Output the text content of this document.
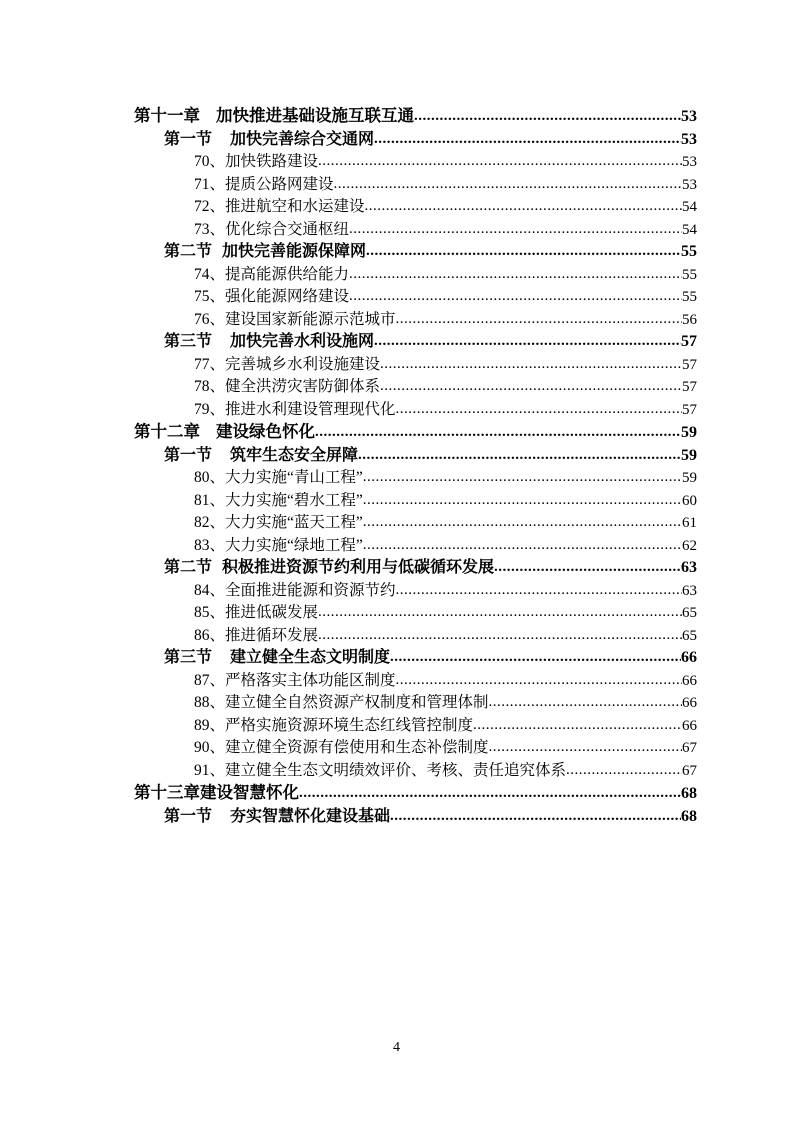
第十一章 加快推进基础设施互联互通 .....	53
第一节 加快完善综合交通网 .....	53
70、 加快铁路建设 .....	53
71、 提质公路网建设 .....	53
72、 推进航空和水运建设 .....	54
73、 优化综合交通枢纽 .....	54
第二节 加快完善能源保障网 .....	55
74、 提高能源供给能力 .....	55
75、 强化能源网络建设 .....	55
76、 建设国家新能源示范城市 .....	56
第三节 加快完善水利设施网 .....	57
77、 完善城乡水利设施建设 .....	57
78、 健全洪涝灾害防御体系 .....	57
79、 推进水利建设管理现代化 .....	57
第十二章 建设绿色怀化 .....	59
第一节 筑牢生态安全屏障 .....	59
80、 大力实施“青山工程” .....	59
81、 大力实施“碧水工程” .....	60
82、 大力实施“蓝天工程” .....	61
83、 大力实施“绿地工程” .....	62
第二节 积极推进资源节约利用与低碳循环发展 .....	63
84、 全面推进能源和资源节约 .....	63
85、 推进低碳发展 .....	65
86、 推进循环发展 .....	65
第三节 建立健全生态文明制度 .....	66
87、 严格落实主体功能区制度 .....	66
88、 建立健全自然资源产权制度和管理体制 .....	66
89、 严格实施资源环境生态红线管控制度 .....	66
90、 建立健全资源有偿使用和生态补偿制度 .....	67
91、 建立健全生态文明绩效评价、考核、责任追究体系 .....	67
第十三章 建设智慧怀化 .....	68
第一节 夯实智慧怀化建设基础 .....	68
4
